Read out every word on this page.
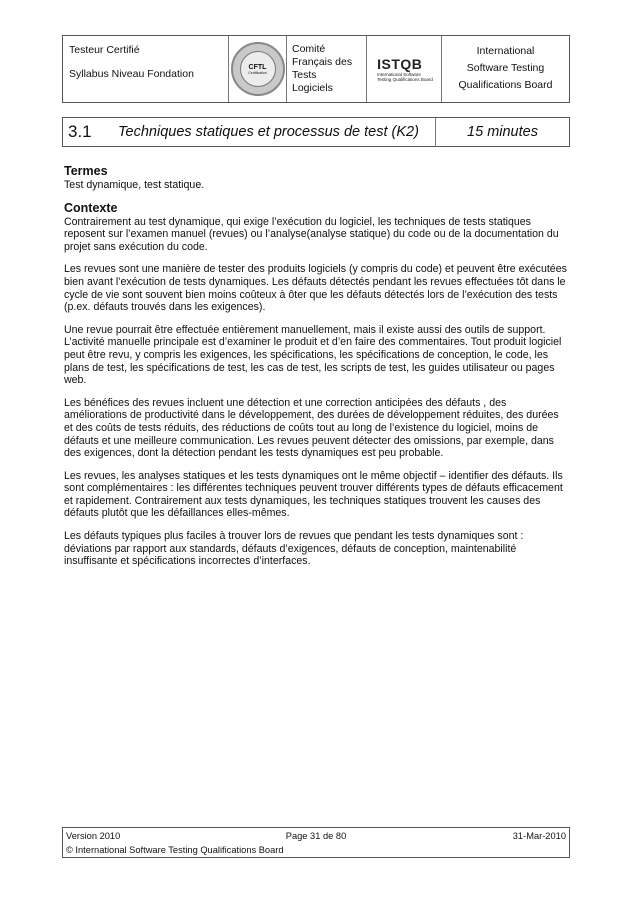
Testeur Certifié
Syllabus Niveau Fondation
CFTL
Certification
Comité
Français des
Tests
Logiciels
ISTQB
International Software
Testing Qualifications Board
International
Software Testing
Qualifications Board
3.1	Techniques statiques et processus de test (K2)	15 minutes
Termes

Test dynamique, test statique.

Contexte

Contrairement au test dynamique, qui exige l’exécution du logiciel, les techniques de tests statiques reposent sur l’examen manuel (revues) ou l’analyse(analyse statique) du code ou de la documentation du projet sans exécution du code.

Les revues sont une manière de tester des produits logiciels (y compris du code) et peuvent être exécutées bien avant l’exécution de tests dynamiques. Les défauts détectés pendant les revues effectuées tôt dans le cycle de vie sont souvent bien moins coûteux à ôter que les défauts détectés lors de l’exécution des tests (p.ex. défauts trouvés dans les exigences).

Une revue pourrait être effectuée entièrement manuellement, mais il existe aussi des outils de support. L’activité manuelle principale est d’examiner le produit et d’en faire des commentaires. Tout produit logiciel peut être revu, y compris les exigences, les spécifications, les spécifications de conception, le code, les plans de test, les spécifications de test, les cas de test, les scripts de test, les guides utilisateur ou pages web.

Les bénéfices des revues incluent une détection et une correction anticipées des défauts , des améliorations de productivité dans le développement, des durées de développement réduites, des durées et des coûts de tests réduits, des réductions de coûts tout au long de l’existence du logiciel, moins de défauts et une meilleure communication. Les revues peuvent détecter des omissions, par exemple, dans des exigences, dont la détection pendant les tests dynamiques est peu probable.

Les revues, les analyses statiques et les tests dynamiques ont le même objectif – identifier des défauts. Ils sont complémentaires : les différentes techniques peuvent trouver différents types de défauts efficacement et rapidement. Contrairement aux tests dynamiques, les techniques statiques trouvent les causes des défauts plutôt que les défaillances elles-mêmes.

Les défauts typiques plus faciles à trouver lors de revues que pendant les tests dynamiques sont : déviations par rapport aux standards, défauts d’exigences, défauts de conception, maintenabilité insuffisante et spécifications incorrectes d’interfaces.

Version 2010	Page 31 de 80	31-Mar-2010
© International Software Testing Qualifications Board
